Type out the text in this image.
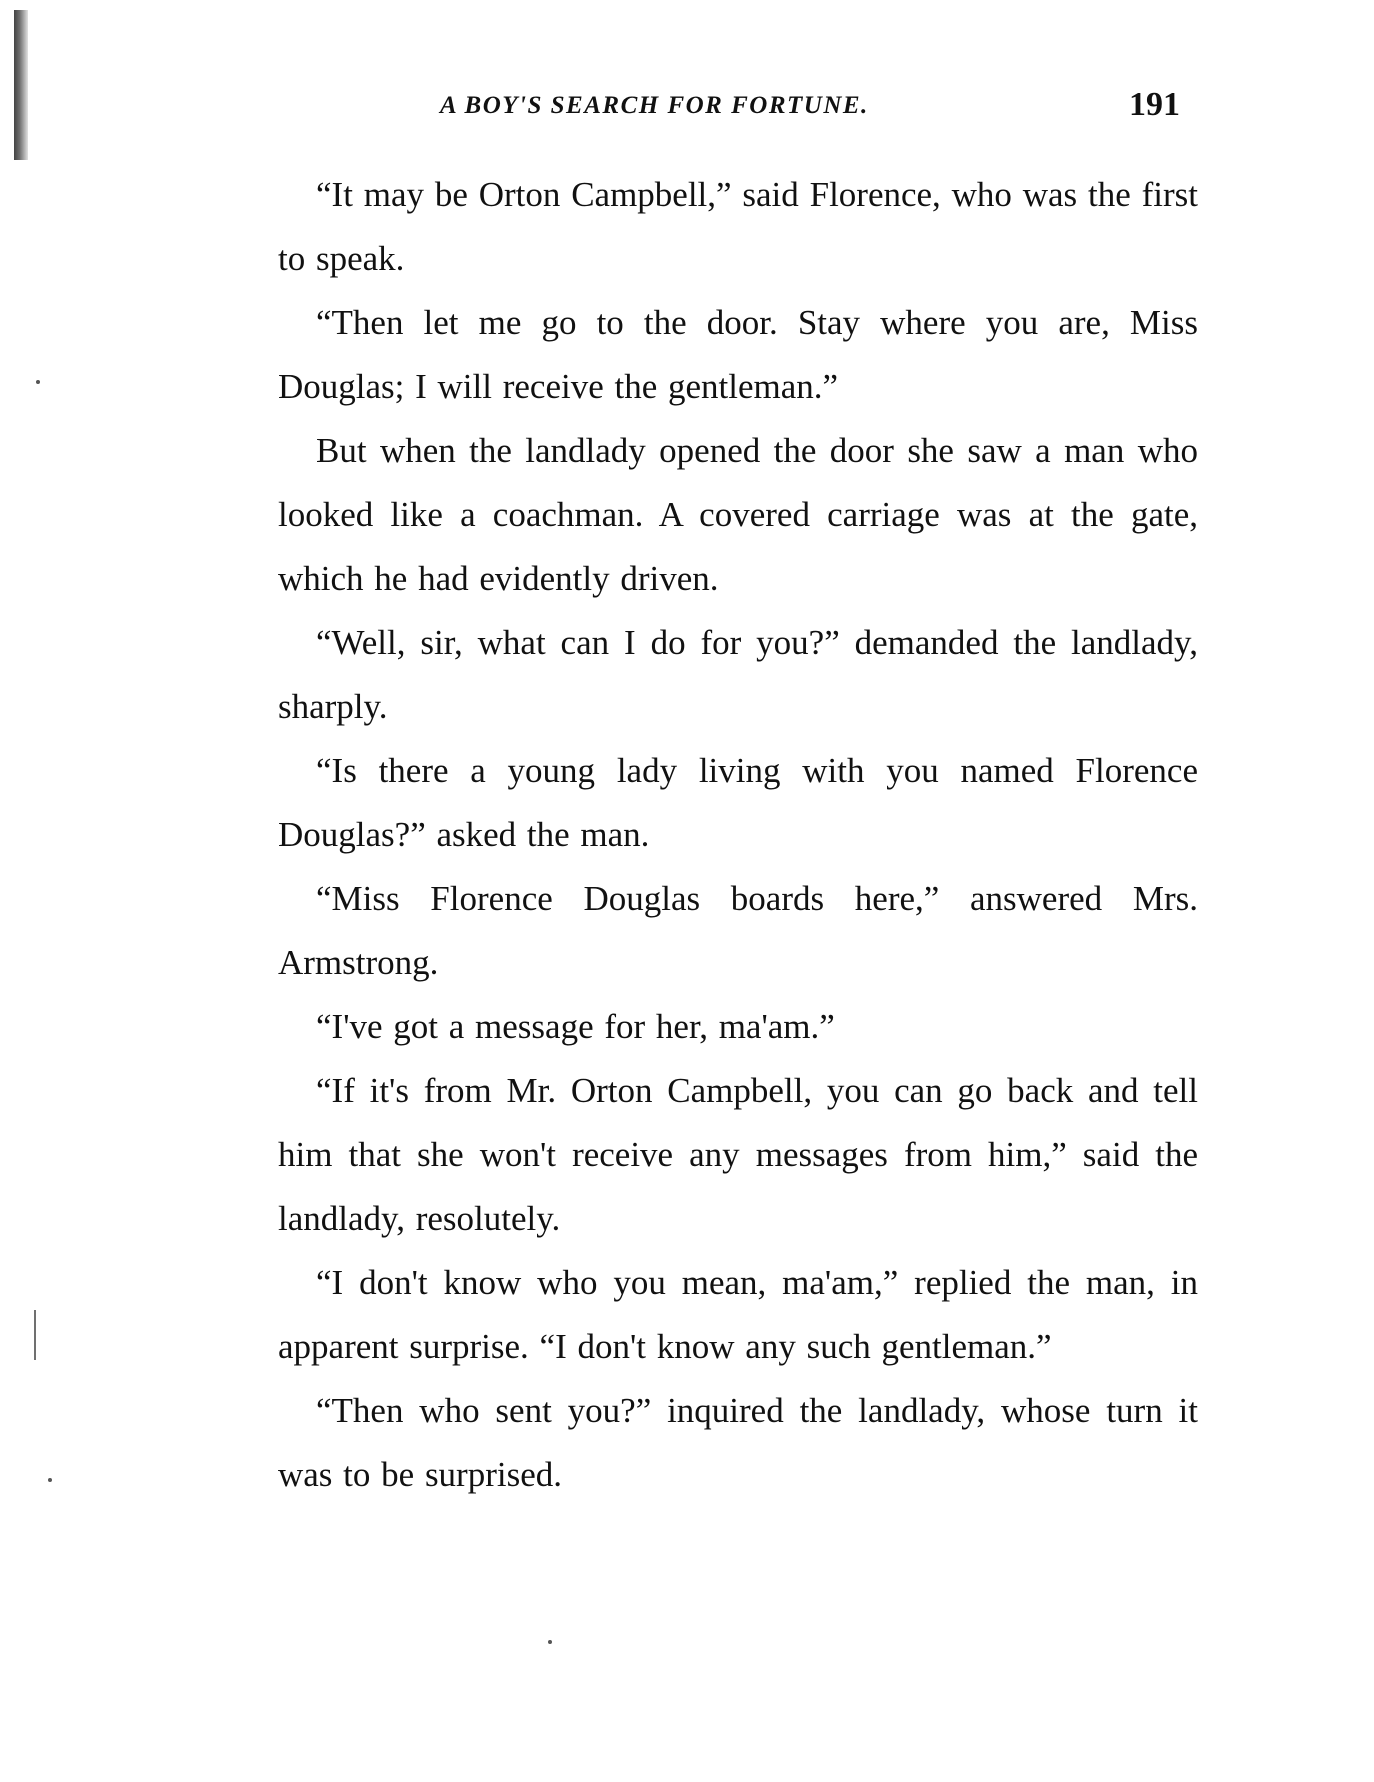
A BOY'S SEARCH FOR FORTUNE.	191

“It may be Orton Campbell,” said Florence, who was the first to speak.

“Then let me go to the door. Stay where you are, Miss Douglas; I will receive the gentleman.”

But when the landlady opened the door she saw a man who looked like a coachman. A covered carriage was at the gate, which he had evidently driven.

“Well, sir, what can I do for you?” demanded the landlady, sharply.

“Is there a young lady living with you named Florence Douglas?” asked the man.

“Miss Florence Douglas boards here,” answered Mrs. Armstrong.

“I've got a message for her, ma'am.”

“If it's from Mr. Orton Campbell, you can go back and tell him that she won't receive any messages from him,” said the landlady, resolutely.

“I don't know who you mean, ma'am,” replied the man, in apparent surprise. “I don't know any such gentleman.”

“Then who sent you?” inquired the landlady, whose turn it was to be surprised.
